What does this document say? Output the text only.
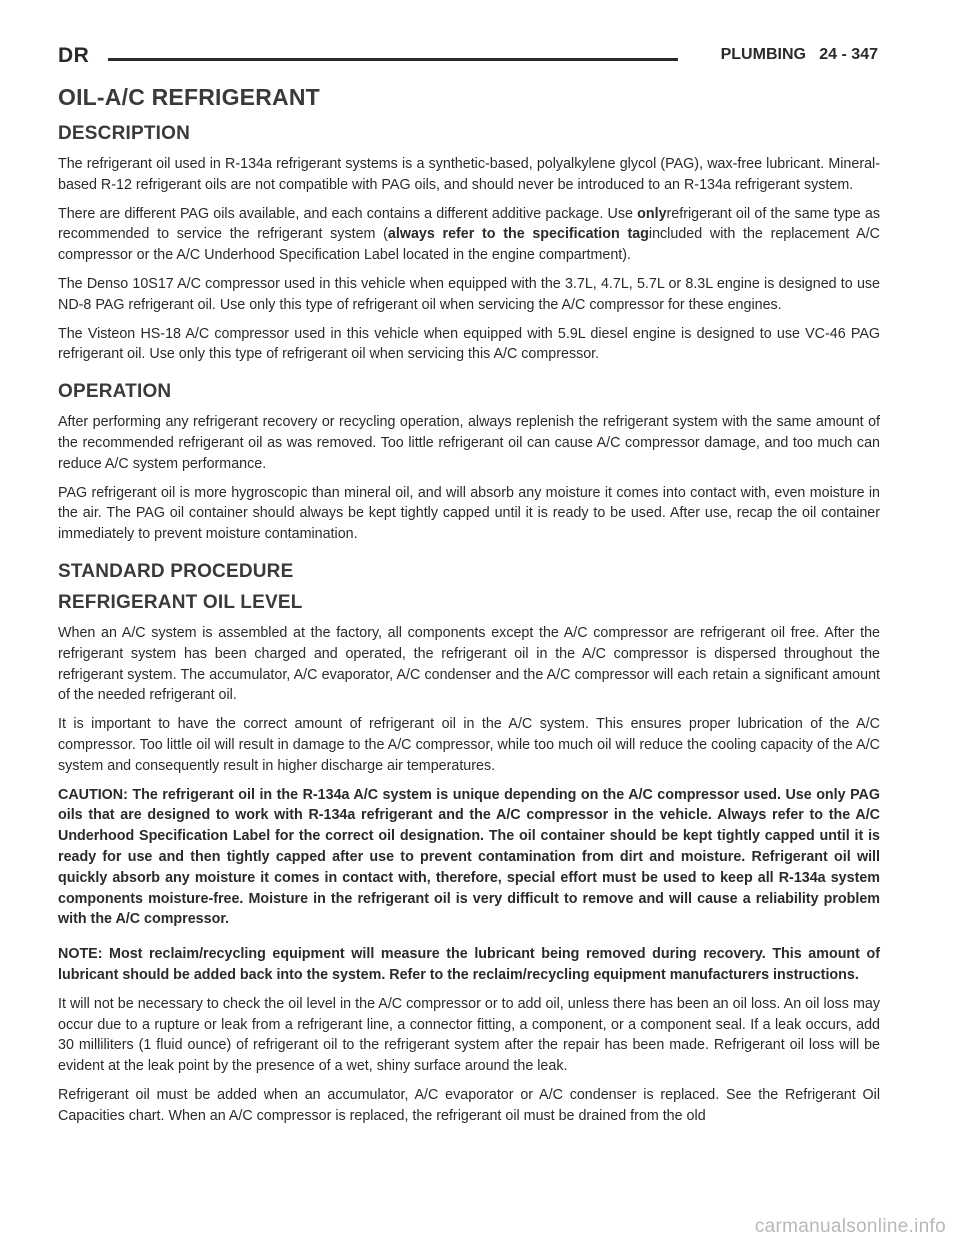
DR	PLUMBING 24 - 347
OIL-A/C REFRIGERANT
DESCRIPTION

The refrigerant oil used in R-134a refrigerant systems is a synthetic-based, polyalkylene glycol (PAG), wax-free lubricant. Mineral-based R-12 refrigerant oils are not compatible with PAG oils, and should never be introduced to an R-134a refrigerant system.

There are different PAG oils available, and each contains a different additive package. Use onlyrefrigerant oil of the same type as recommended to service the refrigerant system (always refer to the specification tagincluded with the replacement A/C compressor or the A/C Underhood Specification Label located in the engine compartment).

The Denso 10S17 A/C compressor used in this vehicle when equipped with the 3.7L, 4.7L, 5.7L or 8.3L engine is designed to use ND-8 PAG refrigerant oil. Use only this type of refrigerant oil when servicing the A/C compressor for these engines.

The Visteon HS-18 A/C compressor used in this vehicle when equipped with 5.9L diesel engine is designed to use VC-46 PAG refrigerant oil. Use only this type of refrigerant oil when servicing this A/C compressor.

OPERATION

After performing any refrigerant recovery or recycling operation, always replenish the refrigerant system with the same amount of the recommended refrigerant oil as was removed. Too little refrigerant oil can cause A/C compressor damage, and too much can reduce A/C system performance.

PAG refrigerant oil is more hygroscopic than mineral oil, and will absorb any moisture it comes into contact with, even moisture in the air. The PAG oil container should always be kept tightly capped until it is ready to be used. After use, recap the oil container immediately to prevent moisture contamination.

STANDARD PROCEDURE
REFRIGERANT OIL LEVEL

When an A/C system is assembled at the factory, all components except the A/C compressor are refrigerant oil free. After the refrigerant system has been charged and operated, the refrigerant oil in the A/C compressor is dispersed throughout the refrigerant system. The accumulator, A/C evaporator, A/C condenser and the A/C compressor will each retain a significant amount of the needed refrigerant oil.

It is important to have the correct amount of refrigerant oil in the A/C system. This ensures proper lubrication of the A/C compressor. Too little oil will result in damage to the A/C compressor, while too much oil will reduce the cooling capacity of the A/C system and consequently result in higher discharge air temperatures.

CAUTION: The refrigerant oil in the R-134a A/C system is unique depending on the A/C compressor used. Use only PAG oils that are designed to work with R-134a refrigerant and the A/C compressor in the vehicle. Always refer to the A/C Underhood Specification Label for the correct oil designation. The oil container should be kept tightly capped until it is ready for use and then tightly capped after use to prevent contamination from dirt and moisture. Refrigerant oil will quickly absorb any moisture it comes in contact with, therefore, special effort must be used to keep all R-134a system components moisture-free. Moisture in the refrigerant oil is very difficult to remove and will cause a reliability problem with the A/C compressor.

NOTE: Most reclaim/recycling equipment will measure the lubricant being removed during recovery. This amount of lubricant should be added back into the system. Refer to the reclaim/recycling equipment manufacturers instructions.

It will not be necessary to check the oil level in the A/C compressor or to add oil, unless there has been an oil loss. An oil loss may occur due to a rupture or leak from a refrigerant line, a connector fitting, a component, or a component seal. If a leak occurs, add 30 milliliters (1 fluid ounce) of refrigerant oil to the refrigerant system after the repair has been made. Refrigerant oil loss will be evident at the leak point by the presence of a wet, shiny surface around the leak.

Refrigerant oil must be added when an accumulator, A/C evaporator or A/C condenser is replaced. See the Refrigerant Oil Capacities chart. When an A/C compressor is replaced, the refrigerant oil must be drained from the old

carmanualsonline.info
